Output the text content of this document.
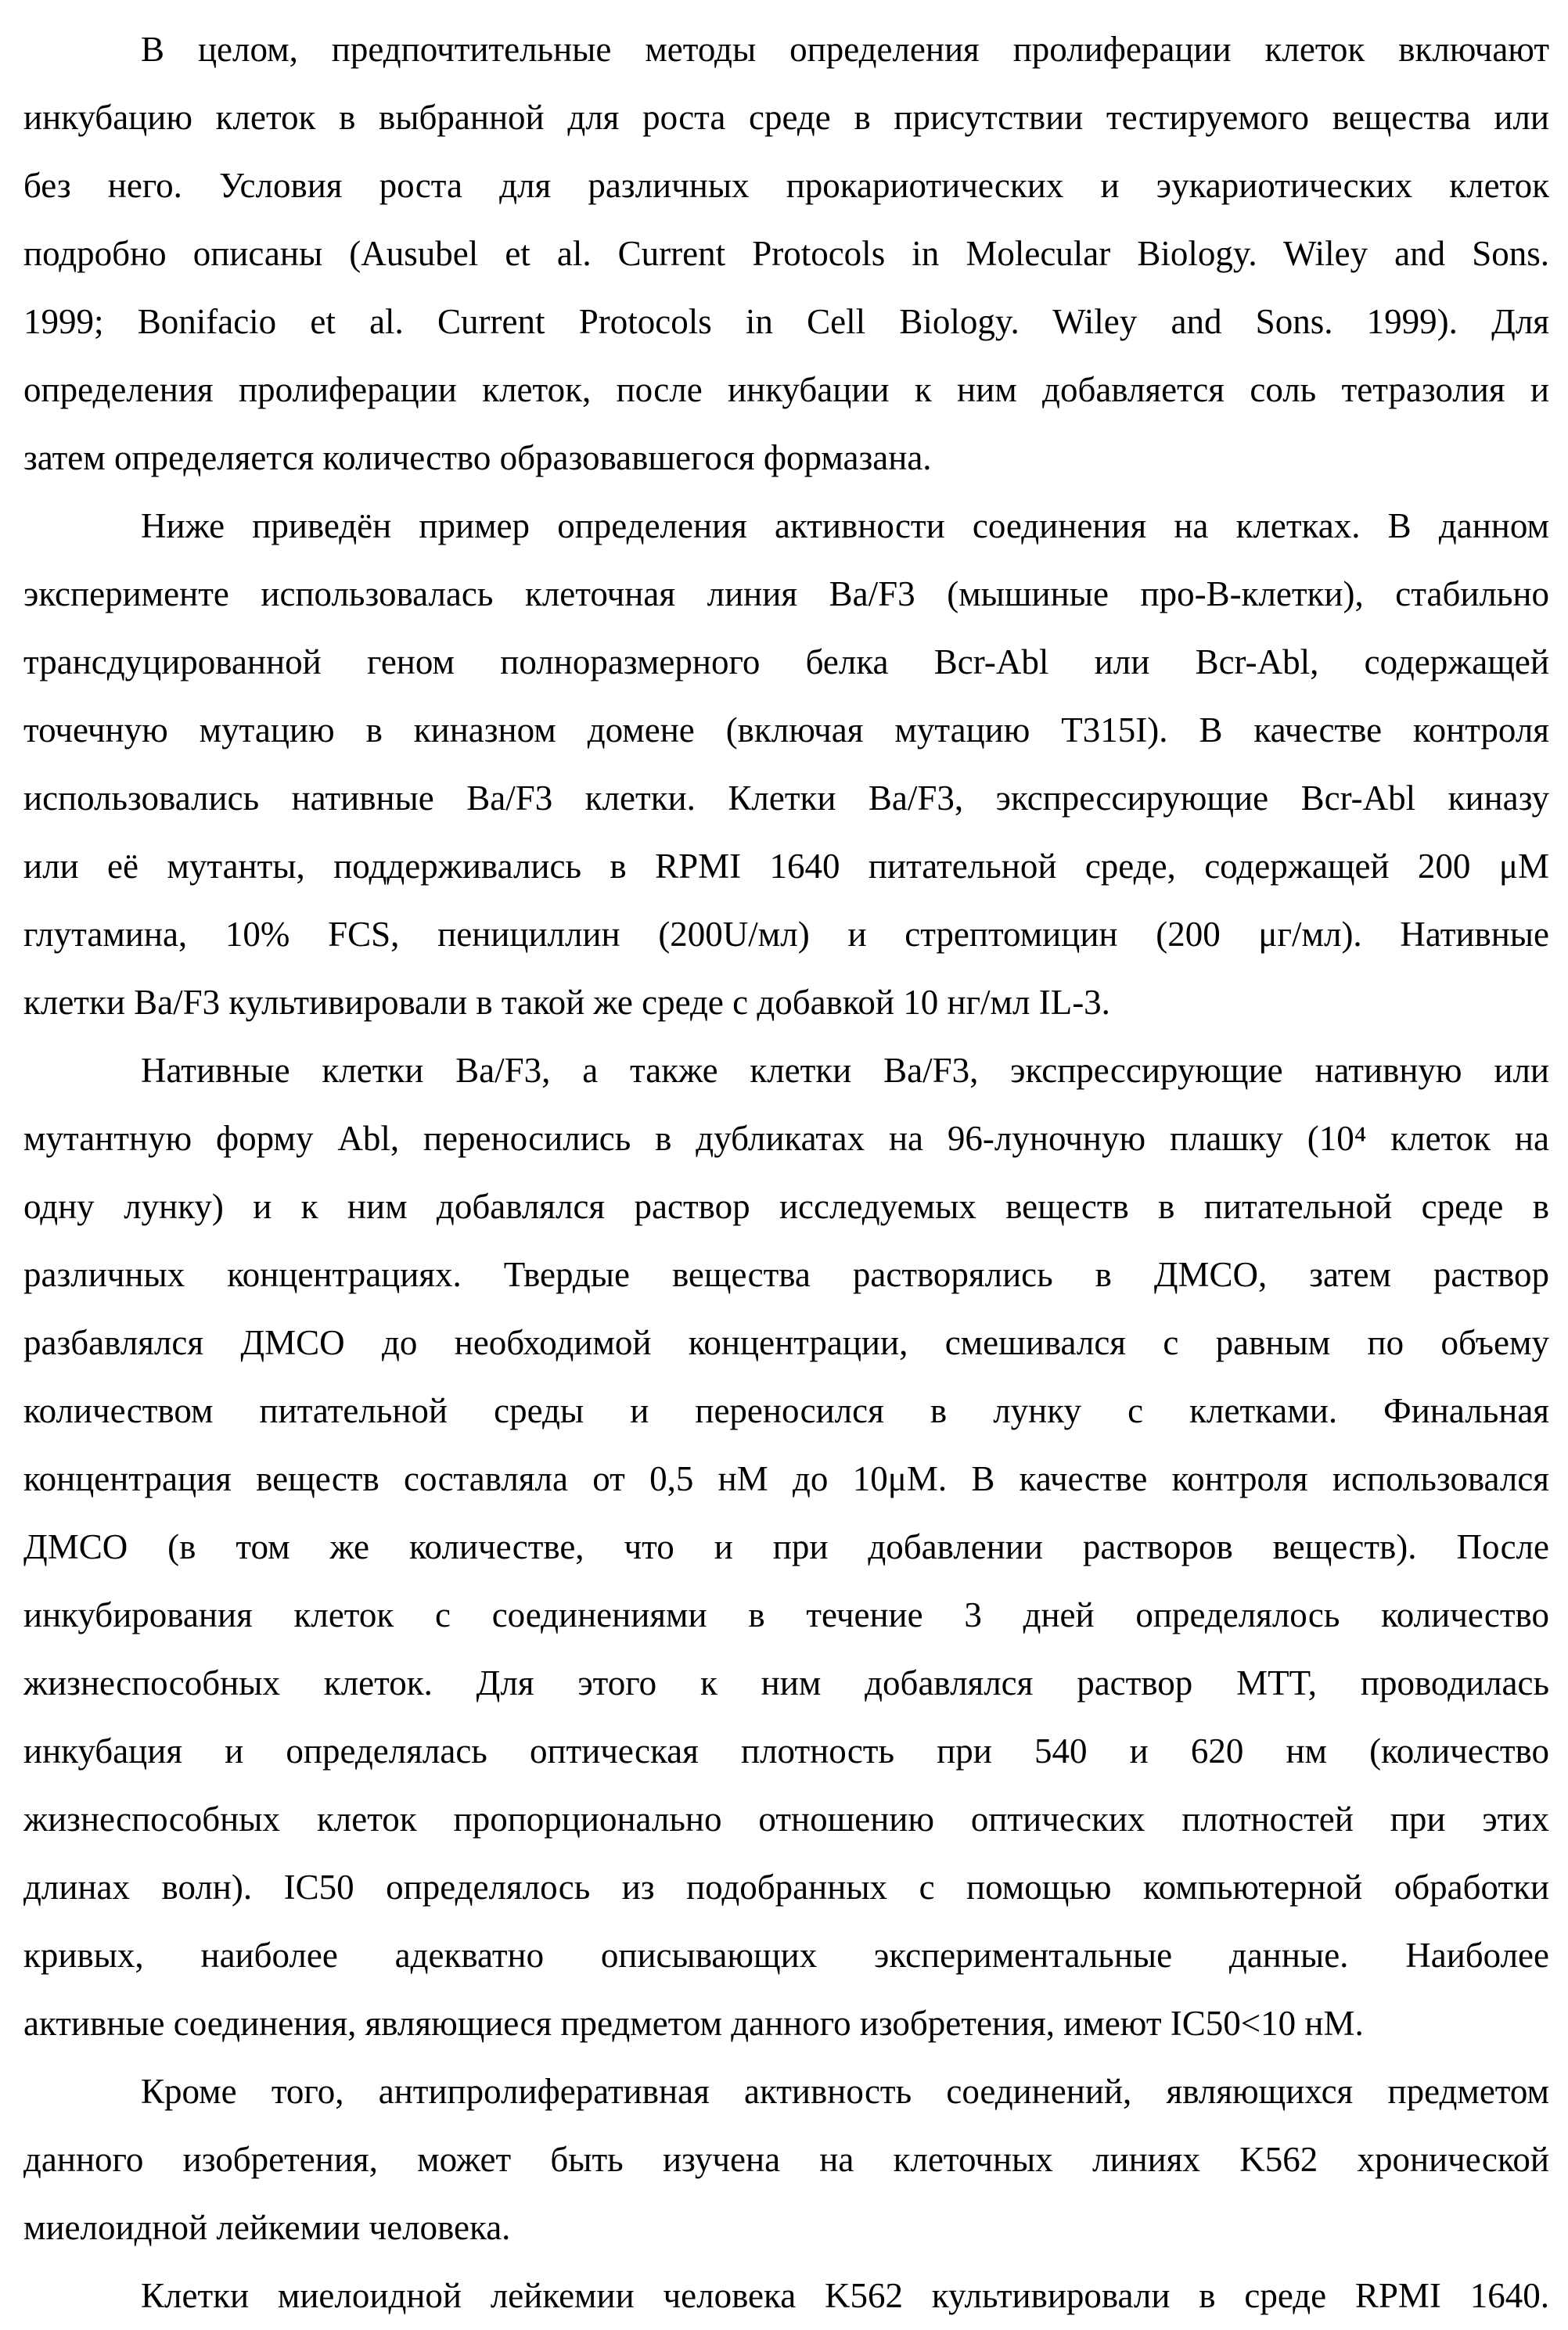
В целом, предпочтительные методы определения пролиферации клеток включают
инкубацию клеток в выбранной для роста среде в присутствии тестируемого вещества или
без него. Условия роста для различных прокариотических и эукариотических клеток
подробно описаны (Ausubel et al. Current Protocols in Molecular Biology. Wiley and Sons.
1999; Bonifacio et al. Current Protocols in Cell Biology. Wiley and Sons. 1999). Для
определения пролиферации клеток, после инкубации к ним добавляется соль тетразолия и
затем определяется количество образовавшегося формазана.
Ниже приведён пример определения активности соединения на клетках. В данном
эксперименте использовалась клеточная линия Ba/F3 (мышиные про-B-клетки), стабильно
трансдуцированной геном полноразмерного белка Bcr-Abl или Bcr-Abl, содержащей
точечную мутацию в киназном домене (включая мутацию T315I). В качестве контроля
использовались нативные Ba/F3 клетки. Клетки Ba/F3, экспрессирующие Bcr-Abl киназу
или её мутанты, поддерживались в RPMI 1640 питательной среде, содержащей 200 μМ
глутамина, 10% FCS, пенициллин (200U/мл) и стрептомицин (200 μг/мл). Нативные
клетки Ba/F3 культивировали в такой же среде с добавкой 10 нг/мл IL-3.
Нативные клетки Ba/F3, а также клетки Ba/F3, экспрессирующие нативную или
мутантную форму Abl, переносились в дубликатах на 96-луночную плашку (10⁴ клеток на
одну лунку) и к ним добавлялся раствор исследуемых веществ в питательной среде в
различных концентрациях. Твердые вещества растворялись в ДМСО, затем раствор
разбавлялся ДМСО до необходимой концентрации, смешивался с равным по объему
количеством питательной среды и переносился в лунку с клетками. Финальная
концентрация веществ составляла от 0,5 нМ до 10μМ. В качестве контроля использовался
ДМСО (в том же количестве, что и при добавлении растворов веществ). После
инкубирования клеток с соединениями в течение 3 дней определялось количество
жизнеспособных клеток. Для этого к ним добавлялся раствор MTT, проводилась
инкубация и определялась оптическая плотность при 540 и 620 нм (количество
жизнеспособных клеток пропорционально отношению оптических плотностей при этих
длинах волн). IC50 определялось из подобранных с помощью компьютерной обработки
кривых, наиболее адекватно описывающих экспериментальные данные. Наиболее
активные соединения, являющиеся предметом данного изобретения, имеют IC50<10 нМ.
Кроме того, антипролиферативная активность соединений, являющихся предметом
данного изобретения, может быть изучена на клеточных линиях K562 хронической
миелоидной лейкемии человека.
Клетки миелоидной лейкемии человека K562 культивировали в среде RPMI 1640.
